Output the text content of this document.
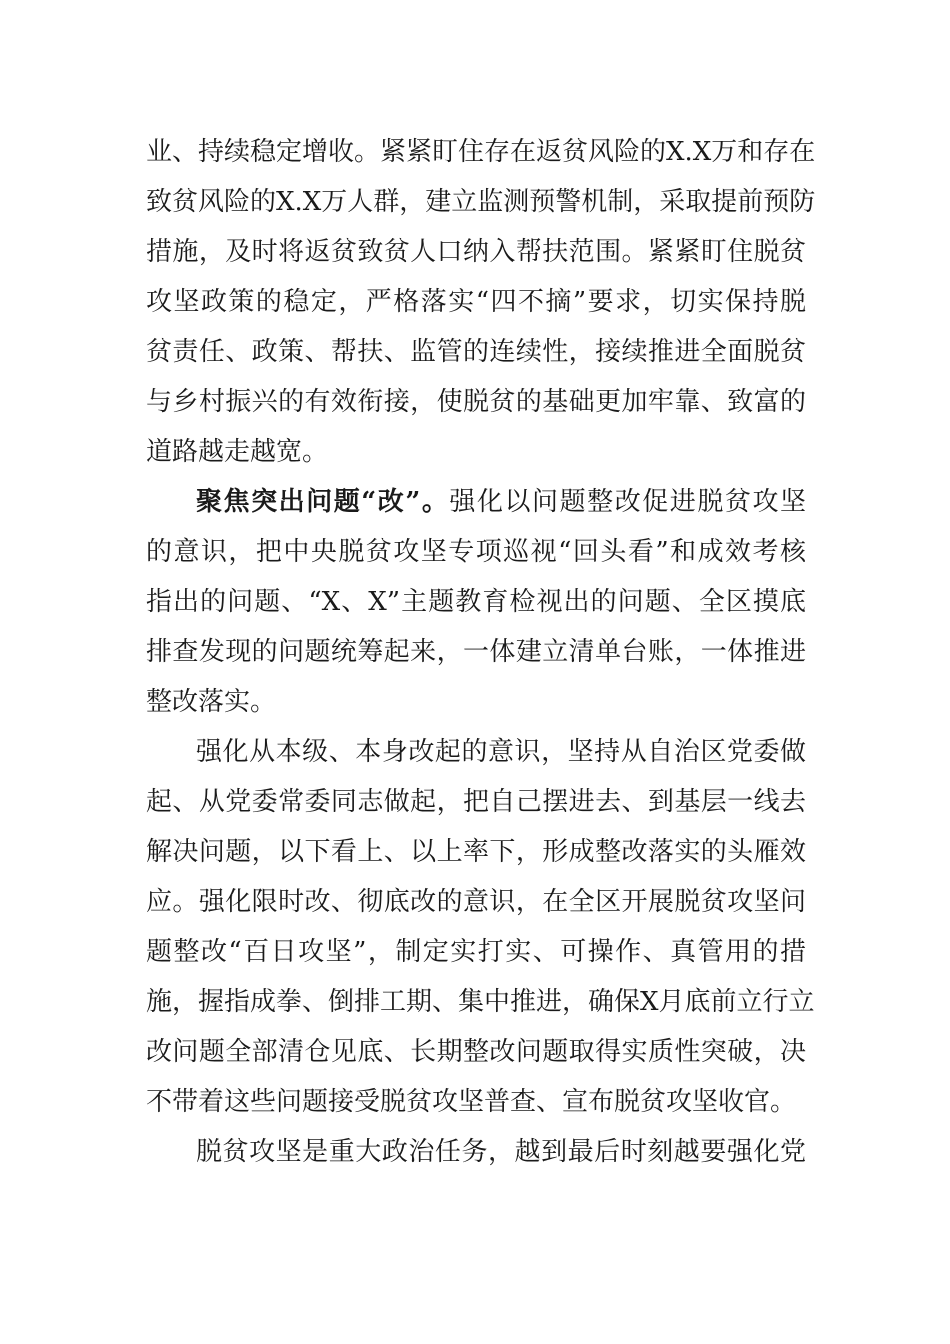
业、持续稳定增收。紧紧盯住存在返贫风险的X.X万和存在
致贫风险的X.X万人群，建立监测预警机制，采取提前预防
措施，及时将返贫致贫人口纳入帮扶范围。紧紧盯住脱贫
攻坚政策的稳定，严格落实“四不摘”要求，切实保持脱
贫责任、政策、帮扶、监管的连续性，接续推进全面脱贫
与乡村振兴的有效衔接，使脱贫的基础更加牢靠、致富的
道路越走越宽。
聚焦突出问题“改”。强化以问题整改促进脱贫攻坚
的意识，把中央脱贫攻坚专项巡视“回头看”和成效考核
指出的问题、“X、X”主题教育检视出的问题、全区摸底
排查发现的问题统筹起来，一体建立清单台账，一体推进
整改落实。
强化从本级、本身改起的意识，坚持从自治区党委做
起、从党委常委同志做起，把自己摆进去、到基层一线去
解决问题，以下看上、以上率下，形成整改落实的头雁效
应。强化限时改、彻底改的意识，在全区开展脱贫攻坚问
题整改“百日攻坚”，制定实打实、可操作、真管用的措
施，握指成拳、倒排工期、集中推进，确保X月底前立行立
改问题全部清仓见底、长期整改问题取得实质性突破，决
不带着这些问题接受脱贫攻坚普查、宣布脱贫攻坚收官。
脱贫攻坚是重大政治任务，越到最后时刻越要强化党
